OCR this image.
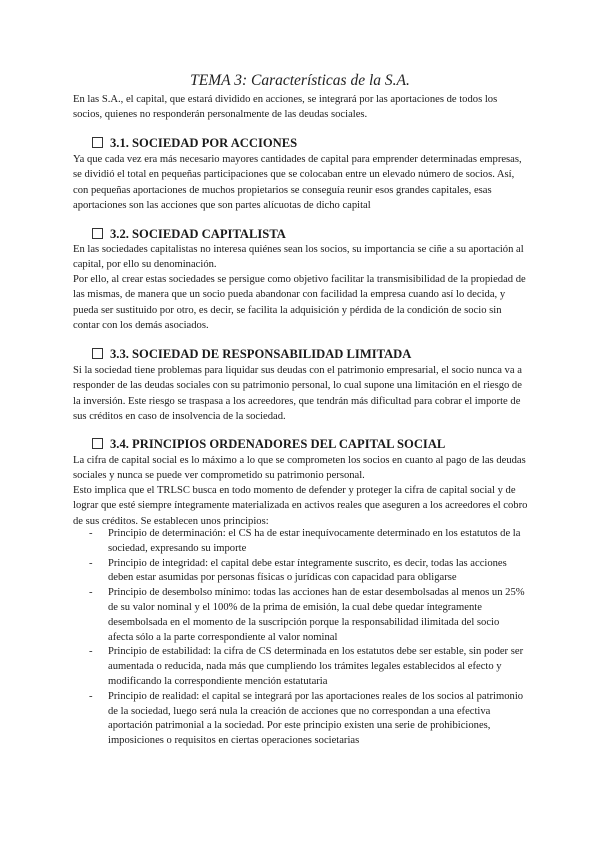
TEMA 3: Características de la S.A.

En las S.A., el capital, que estará dividido en acciones, se integrará por las aportaciones de todos los socios, quienes no responderán personalmente de las deudas sociales.

3.1. SOCIEDAD POR ACCIONES

Ya que cada vez era más necesario mayores cantidades de capital para emprender determinadas empresas, se dividió el total en pequeñas participaciones que se colocaban entre un elevado número de socios. Así, con pequeñas aportaciones de muchos propietarios se conseguía reunir esos grandes capitales, esas aportaciones son las acciones que son partes alícuotas de dicho capital

3.2. SOCIEDAD CAPITALISTA

En las sociedades capitalistas no interesa quiénes sean los socios, su importancia se ciñe a su aportación al capital, por ello su denominación.

Por ello, al crear estas sociedades se persigue como objetivo facilitar la transmisibilidad de la propiedad de las mismas, de manera que un socio pueda abandonar con facilidad la empresa cuando así lo decida, y pueda ser sustituido por otro, es decir, se facilita la adquisición y pérdida de la condición de socio sin contar con los demás asociados.

3.3. SOCIEDAD DE RESPONSABILIDAD LIMITADA

Si la sociedad tiene problemas para liquidar sus deudas con el patrimonio empresarial, el socio nunca va a responder de las deudas sociales con su patrimonio personal, lo cual supone una limitación en el riesgo de la inversión. Este riesgo se traspasa a los acreedores, que tendrán más dificultad para cobrar el importe de sus créditos en caso de insolvencia de la sociedad.

3.4. PRINCIPIOS ORDENADORES DEL CAPITAL SOCIAL

La cifra de capital social es lo máximo a lo que se comprometen los socios en cuanto al pago de las deudas sociales y nunca se puede ver comprometido su patrimonio personal.

Esto implica que el TRLSC busca en todo momento de defender y proteger la cifra de capital social y de lograr que esté siempre íntegramente materializada en activos reales que aseguren a los acreedores el cobro de sus créditos. Se establecen unos principios:

- Principio de determinación: el CS ha de estar inequívocamente determinado en los estatutos de la sociedad, expresando su importe
- Principio de integridad: el capital debe estar íntegramente suscrito, es decir, todas las acciones deben estar asumidas por personas físicas o jurídicas con capacidad para obligarse
- Principio de desembolso mínimo: todas las acciones han de estar desembolsadas al menos un 25% de su valor nominal y el 100% de la prima de emisión, la cual debe quedar íntegramente desembolsada en el momento de la suscripción porque la responsabilidad ilimitada del socio afecta sólo a la parte correspondiente al valor nominal
- Principio de estabilidad: la cifra de CS determinada en los estatutos debe ser estable, sin poder ser aumentada o reducida, nada más que cumpliendo los trámites legales establecidos al efecto y modificando la correspondiente mención estatutaria
- Principio de realidad: el capital se integrará por las aportaciones reales de los socios al patrimonio de la sociedad, luego será nula la creación de acciones que no correspondan a una efectiva aportación patrimonial a la sociedad. Por este principio existen una serie de prohibiciones, imposiciones o requisitos en ciertas operaciones societarias
